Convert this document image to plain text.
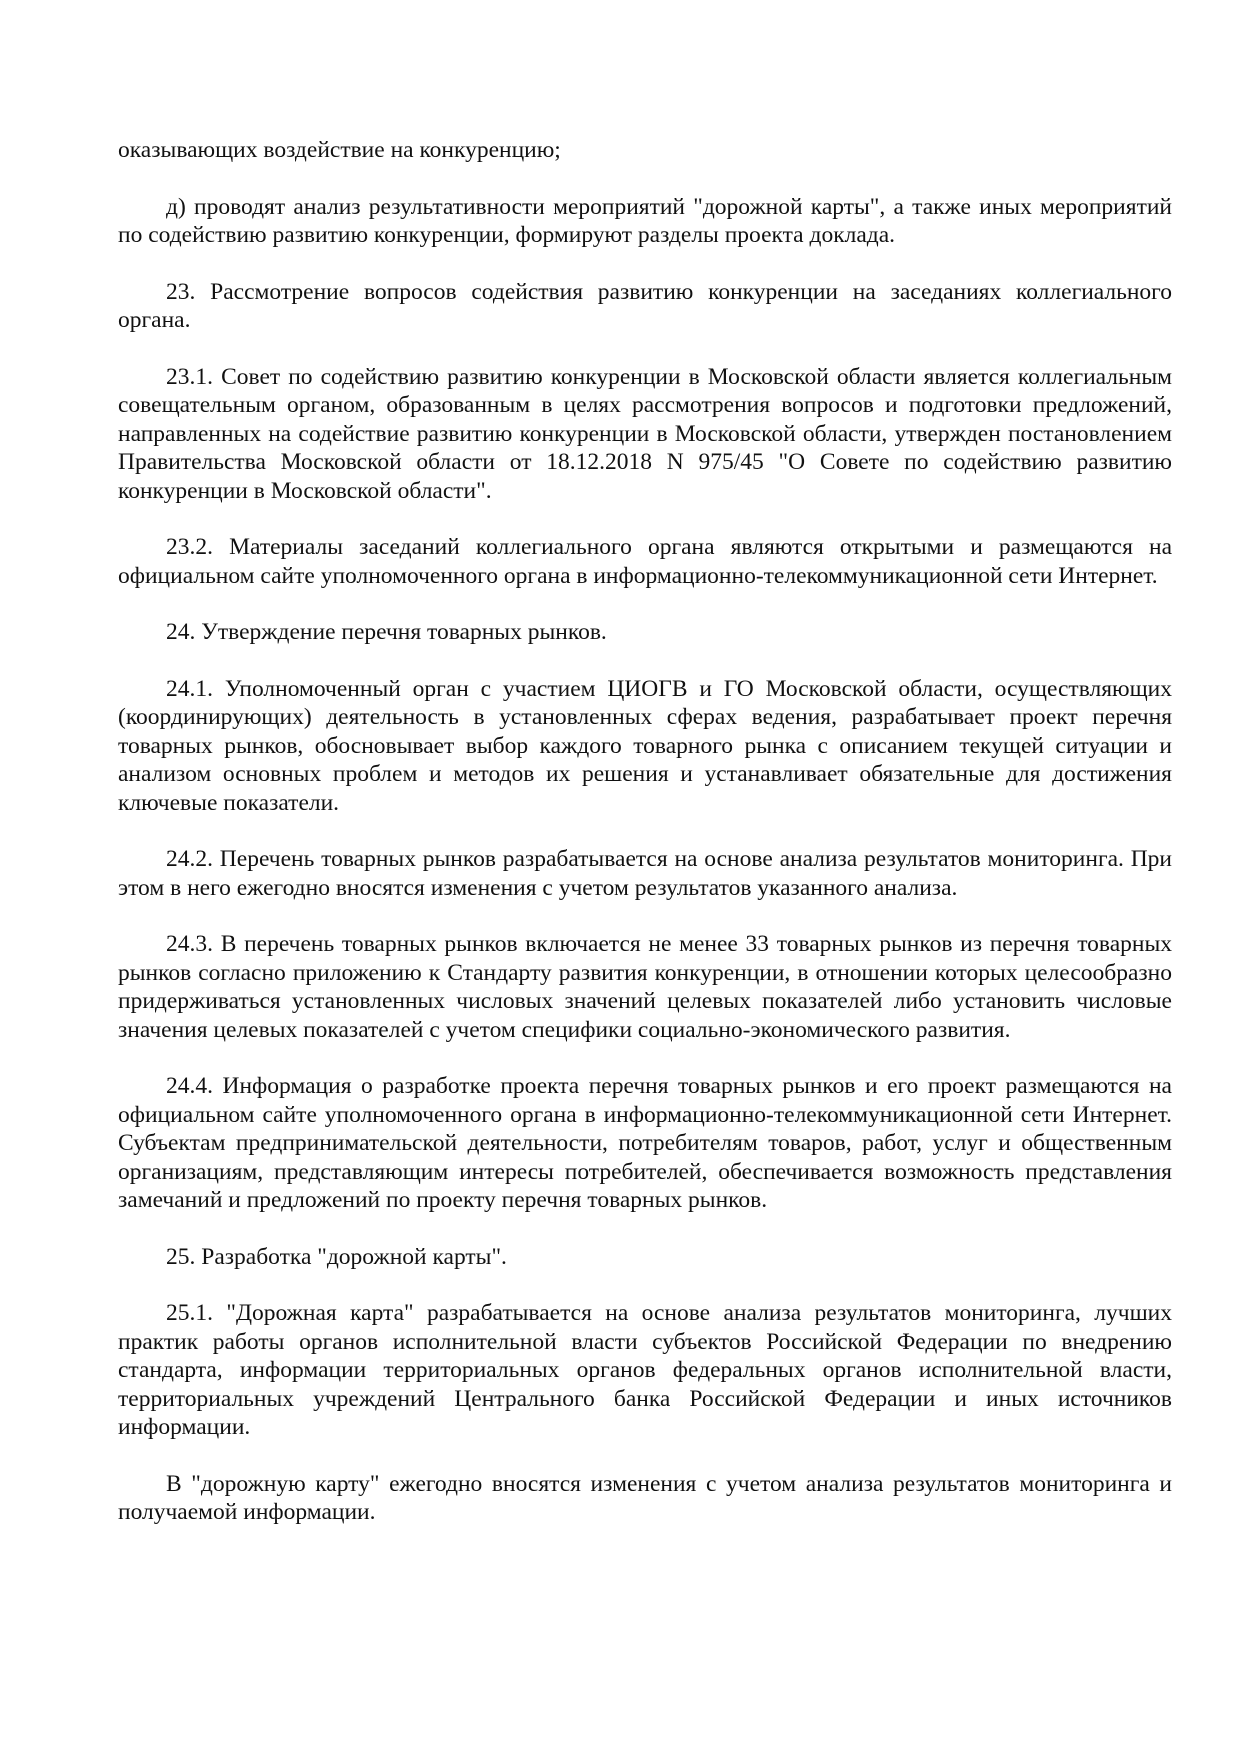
оказывающих воздействие на конкуренцию;

д) проводят анализ результативности мероприятий "дорожной карты", а также иных мероприятий по содействию развитию конкуренции, формируют разделы проекта доклада.

23. Рассмотрение вопросов содействия развитию конкуренции на заседаниях коллегиального органа.

23.1. Совет по содействию развитию конкуренции в Московской области является коллегиальным совещательным органом, образованным в целях рассмотрения вопросов и подготовки предложений, направленных на содействие развитию конкуренции в Московской области, утвержден постановлением Правительства Московской области от 18.12.2018 N 975/45 "О Совете по содействию развитию конкуренции в Московской области".

23.2. Материалы заседаний коллегиального органа являются открытыми и размещаются на официальном сайте уполномоченного органа в информационно-телекоммуникационной сети Интернет.

24. Утверждение перечня товарных рынков.

24.1. Уполномоченный орган с участием ЦИОГВ и ГО Московской области, осуществляющих (координирующих) деятельность в установленных сферах ведения, разрабатывает проект перечня товарных рынков, обосновывает выбор каждого товарного рынка с описанием текущей ситуации и анализом основных проблем и методов их решения и устанавливает обязательные для достижения ключевые показатели.

24.2. Перечень товарных рынков разрабатывается на основе анализа результатов мониторинга. При этом в него ежегодно вносятся изменения с учетом результатов указанного анализа.

24.3. В перечень товарных рынков включается не менее 33 товарных рынков из перечня товарных рынков согласно приложению к Стандарту развития конкуренции, в отношении которых целесообразно придерживаться установленных числовых значений целевых показателей либо установить числовые значения целевых показателей с учетом специфики социально-экономического развития.

24.4. Информация о разработке проекта перечня товарных рынков и его проект размещаются на официальном сайте уполномоченного органа в информационно-телекоммуникационной сети Интернет. Субъектам предпринимательской деятельности, потребителям товаров, работ, услуг и общественным организациям, представляющим интересы потребителей, обеспечивается возможность представления замечаний и предложений по проекту перечня товарных рынков.

25. Разработка "дорожной карты".

25.1. "Дорожная карта" разрабатывается на основе анализа результатов мониторинга, лучших практик работы органов исполнительной власти субъектов Российской Федерации по внедрению стандарта, информации территориальных органов федеральных органов исполнительной власти, территориальных учреждений Центрального банка Российской Федерации и иных источников информации.

В "дорожную карту" ежегодно вносятся изменения с учетом анализа результатов мониторинга и получаемой информации.
